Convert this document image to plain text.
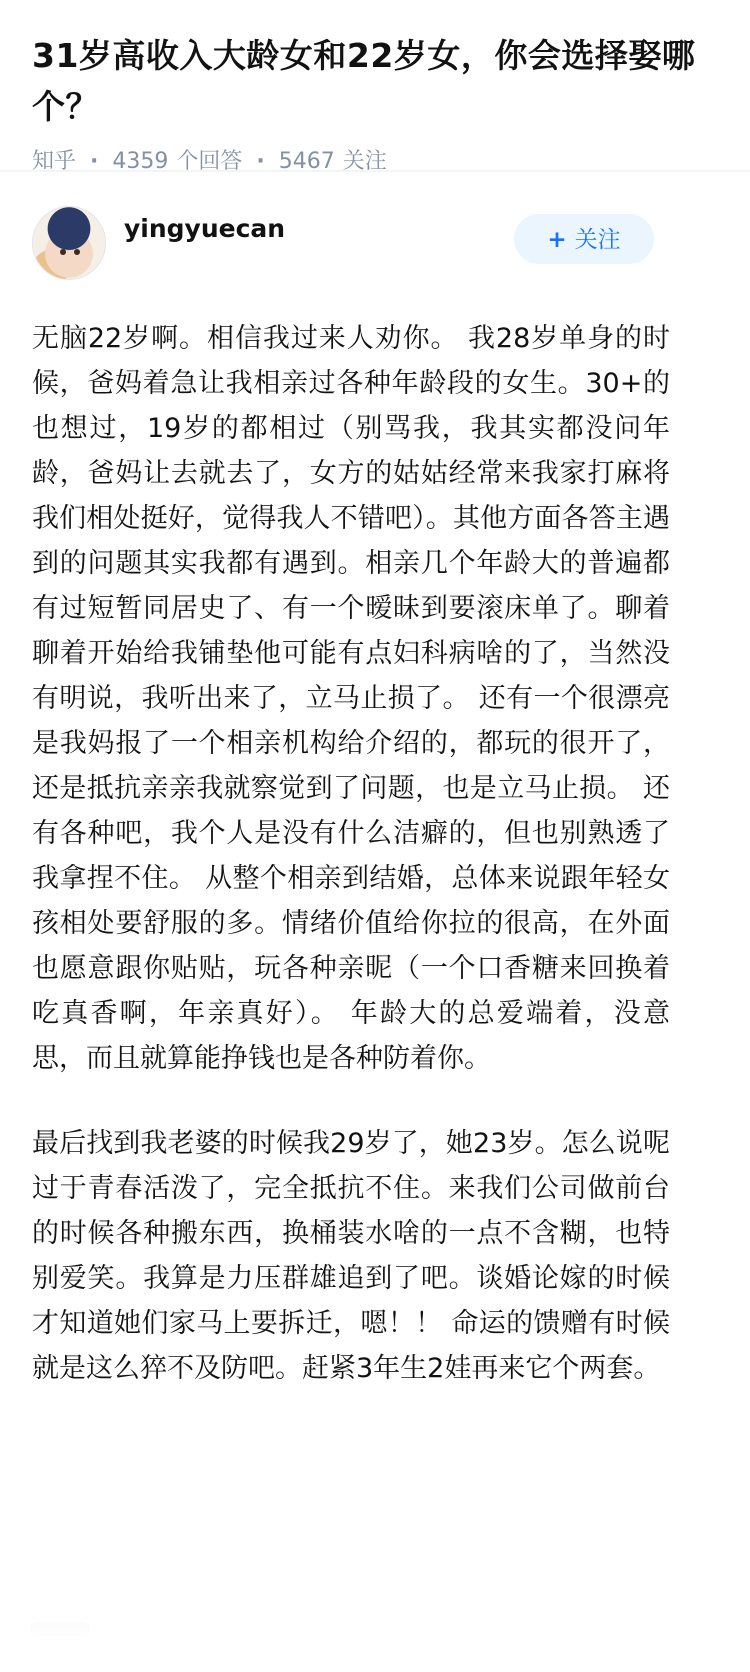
31岁高收入大龄女和22岁女，你会选择娶哪个？
知乎 · 4359 个回答 · 5467 关注
yingyuecan	+ 关注

无脑22岁啊。相信我过来人劝你。 我28岁单身的时候，爸妈着急让我相亲过各种年龄段的女生。30+的也想过，19岁的都相过（别骂我，我其实都没问年龄，爸妈让去就去了，女方的姑姑经常来我家打麻将我们相处挺好，觉得我人不错吧）。其他方面各答主遇到的问题其实我都有遇到。相亲几个年龄大的普遍都有过短暂同居史了、有一个暧昧到要滚床单了。聊着聊着开始给我铺垫他可能有点妇科病啥的了，当然没有明说，我听出来了，立马止损了。 还有一个很漂亮是我妈报了一个相亲机构给介绍的，都玩的很开了，还是抵抗亲亲我就察觉到了问题，也是立马止损。 还有各种吧，我个人是没有什么洁癖的，但也别熟透了我拿捏不住。 从整个相亲到结婚，总体来说跟年轻女孩相处要舒服的多。情绪价值给你拉的很高，在外面也愿意跟你贴贴，玩各种亲昵（一个口香糖来回换着吃真香啊，年亲真好）。 年龄大的总爱端着，没意思，而且就算能挣钱也是各种防着你。

最后找到我老婆的时候我29岁了，她23岁。怎么说呢过于青春活泼了，完全抵抗不住。来我们公司做前台的时候各种搬东西，换桶装水啥的一点不含糊，也特别爱笑。我算是力压群雄追到了吧。谈婚论嫁的时候才知道她们家马上要拆迁，嗯！！ 命运的馈赠有时候就是这么猝不及防吧。赶紧3年生2娃再来它个两套。
